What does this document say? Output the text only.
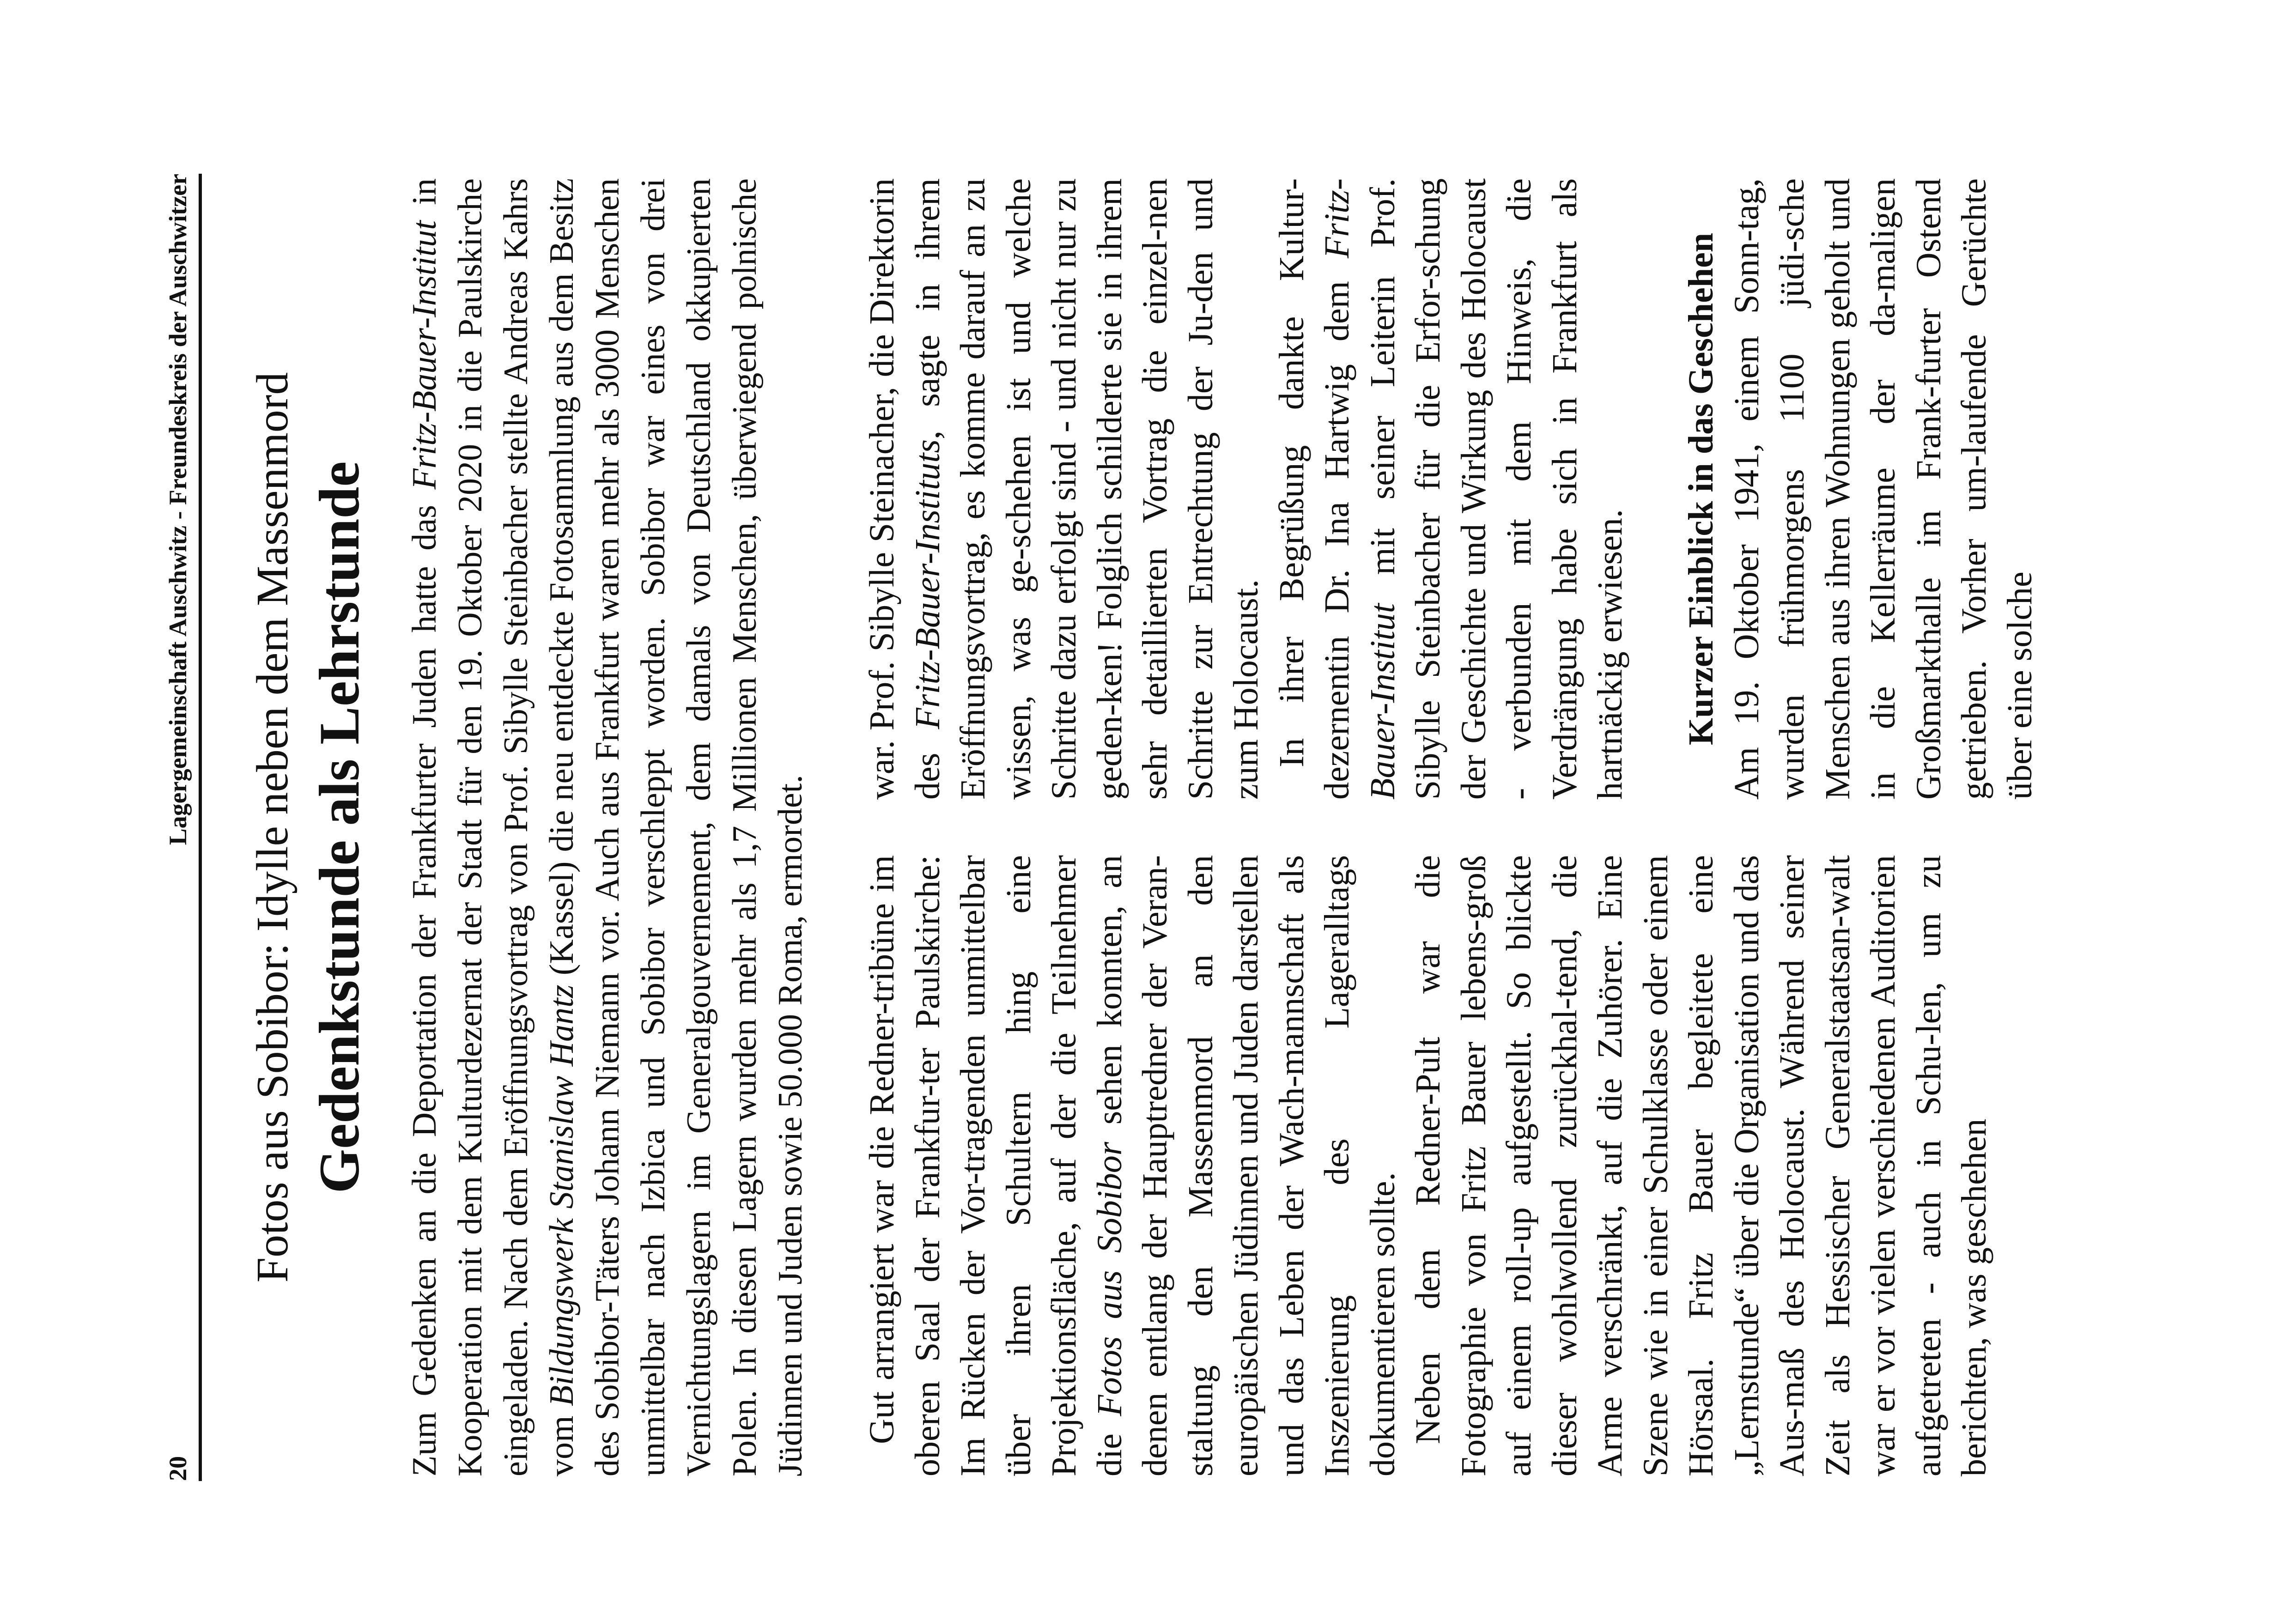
20
Lagergemeinschaft Auschwitz - Freundeskreis der Auschwitzer Fotos aus Sobibor: Idylle neben dem Massenmord Gedenkstunde als Lehrstunde Zum Gedenken an die Deportation der Frankfurter Juden hatte das Fritz-Bauer-Institut in Kooperation mit dem Kulturdezernat der Stadt für den 19. Oktober 2020 in die Paulskirche eingeladen. Nach dem Eröffnungsvortrag von Prof. Sibylle Steinbacher stellte Andreas Kahrs vom Bildungswerk Stanislaw Hantz (Kassel) die neu entdeckte Fotosammlung aus dem Besitz des Sobibor-Täters Johann Niemann vor. Auch aus Frankfurt waren mehr als 3000 Menschen unmittelbar nach Izbica und Sobibor verschleppt worden. Sobibor war eines von drei Vernichtungslagern im Generalgouvernement, dem damals von Deutschland okkupierten Polen. In diesen Lagern wurden mehr als 1,7 Millionen Menschen, überwiegend polnische Jüdinnen und Juden sowie 50.000 Roma, ermordet. Gut arrangiert war die Redner-tribüne im oberen Saal der Frankfur-ter Paulskirche: Im Rücken der Vor-tragenden unmittelbar über ihren Schultern hing eine Projektionsfläche, auf der die Teilnehmer die Fotos aus Sobibor sehen konnten, an denen entlang der Hauptredner der Veran-staltung den Massenmord an den europäischen Jüdinnen und Juden darstellen und das Leben der Wach-mannschaft als Inszenierung des Lageralltags dokumentieren sollte. Neben dem Redner-Pult war die Fotographie von Fritz Bauer lebens-groß auf einem roll-up aufgestellt. So blickte dieser wohlwollend zurückhal-tend, die Arme verschränkt, auf die Zuhörer. Eine Szene wie in einer Schulklasse oder einem Hörsaal. Fritz Bauer begleitete eine „Lernstunde“ über die Organisation und das Aus-maß des Holocaust. Während seiner Zeit als Hessischer Generalstaatsan-walt war er vor vielen verschiedenen Auditorien aufgetreten - auch in Schu-len, um zu berichten, was geschehen

war. Prof. Sibylle Steinacher, die Direktorin des Fritz-Bauer-Instituts, sagte in ihrem Eröffnungsvortrag, es komme darauf an zu wissen, was ge-schehen ist und welche Schritte dazu erfolgt sind - und nicht nur zu geden-ken! Folglich schilderte sie in ihrem sehr detaillierten Vortrag die einzel-nen Schritte zur Entrechtung der Ju-den und zum Holocaust. In ihrer Begrüßung dankte Kultur-dezernentin Dr. Ina Hartwig dem Fritz-Bauer-Institut mit seiner Leiterin Prof. Sibylle Steinbacher für die Erfor-schung der Geschichte und Wirkung des Holocaust - verbunden mit dem Hinweis, die Verdrängung habe sich in Frankfurt als hartnäckig erwiesen. Kurzer Einblick in das Geschehen Am 19. Oktober 1941, einem Sonn-tag, wurden frühmorgens 1100 jüdi-sche Menschen aus ihren Wohnungen geholt und in die Kellerräume der da-maligen Großmarkthalle im Frank-furter Ostend getrieben. Vorher um-laufende Gerüchte über eine solche
